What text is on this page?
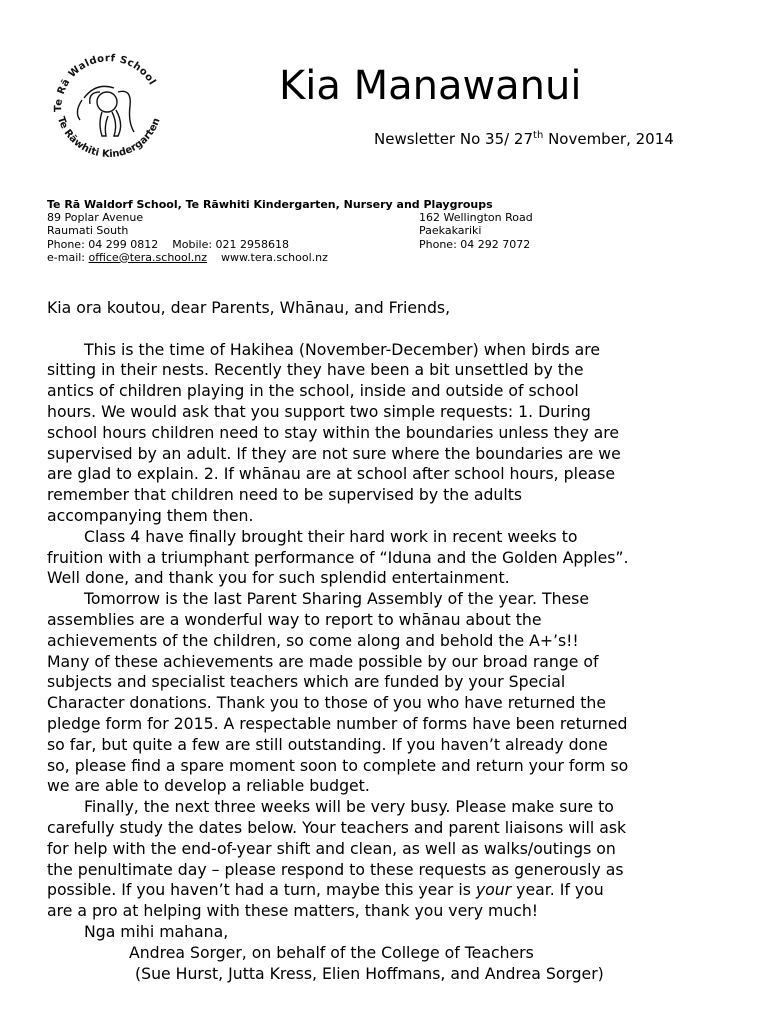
Te Rā Waldorf School
Te Rāwhiti Kindergarten
Kia Manawanui
Newsletter No 35/ 27th November, 2014
Te Rā Waldorf School, Te Rāwhiti Kindergarten, Nursery and Playgroups
89 Poplar Avenue	162 Wellington Road
Raumati South	Paekakariki
Phone: 04 299 0812 Mobile: 021 2958618	Phone: 04 292 7072
e-mail: office@tera.school.nz www.tera.school.nz

Kia ora koutou, dear Parents, Whānau, and Friends,

This is the time of Hakihea (November-December) when birds are

sitting in their nests. Recently they have been a bit unsettled by the

antics of children playing in the school, inside and outside of school

hours. We would ask that you support two simple requests: 1. During

school hours children need to stay within the boundaries unless they are

supervised by an adult. If they are not sure where the boundaries are we

are glad to explain. 2. If whānau are at school after school hours, please

remember that children need to be supervised by the adults

accompanying them then.

Class 4 have finally brought their hard work in recent weeks to

fruition with a triumphant performance of “Iduna and the Golden Apples”.

Well done, and thank you for such splendid entertainment.

Tomorrow is the last Parent Sharing Assembly of the year. These

assemblies are a wonderful way to report to whānau about the

achievements of the children, so come along and behold the A+’s!!

Many of these achievements are made possible by our broad range of

subjects and specialist teachers which are funded by your Special

Character donations. Thank you to those of you who have returned the

pledge form for 2015. A respectable number of forms have been returned

so far, but quite a few are still outstanding. If you haven’t already done

so, please find a spare moment soon to complete and return your form so

we are able to develop a reliable budget.

Finally, the next three weeks will be very busy. Please make sure to

carefully study the dates below. Your teachers and parent liaisons will ask

for help with the end-of-year shift and clean, as well as walks/outings on

the penultimate day – please respond to these requests as generously as

possible. If you haven’t had a turn, maybe this year is your year. If you

are a pro at helping with these matters, thank you very much!

Nga mihi mahana,

Andrea Sorger, on behalf of the College of Teachers

(Sue Hurst, Jutta Kress, Elien Hoffmans, and Andrea Sorger)
